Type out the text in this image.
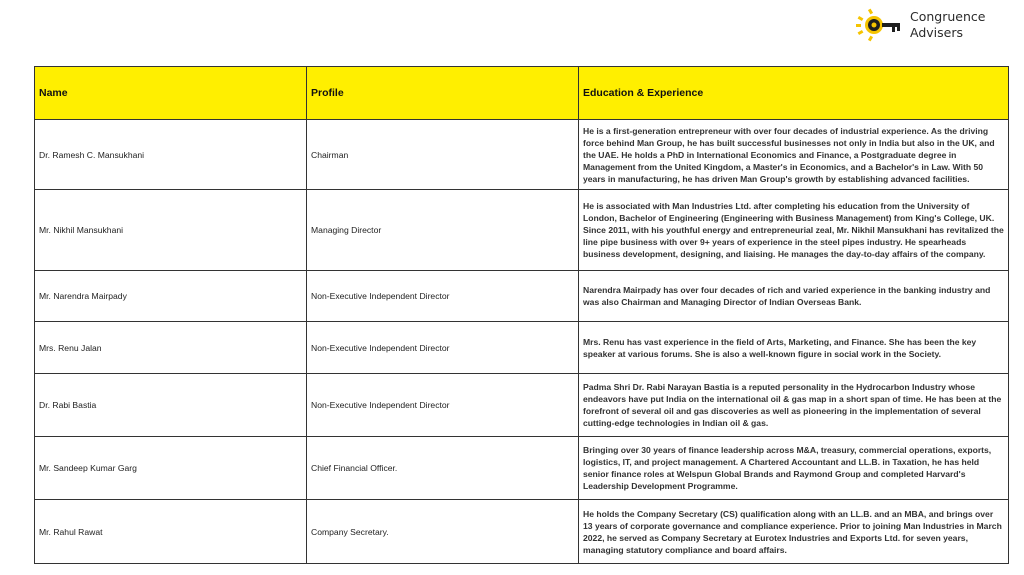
Congruence
Advisers
Name	Profile	Education & Experience
Dr. Ramesh C. Mansukhani	Chairman	He is a first-generation entrepreneur with over four decades of industrial experience. As the driving force behind Man Group, he has built successful businesses not only in India but also in the UK, and the UAE. He holds a PhD in International Economics and Finance, a Postgraduate degree in Management from the United Kingdom, a Master's in Economics, and a Bachelor's in Law. With 50 years in manufacturing, he has driven Man Group's growth by establishing advanced facilities.
Mr. Nikhil Mansukhani	Managing Director	He is associated with Man Industries Ltd. after completing his education from the University of London, Bachelor of Engineering (Engineering with Business Management) from King's College, UK. Since 2011, with his youthful energy and entrepreneurial zeal, Mr. Nikhil Mansukhani has revitalized the line pipe business with over 9+ years of experience in the steel pipes industry. He spearheads business development, designing, and liaising. He manages the day-to-day affairs of the company.
Mr. Narendra Mairpady	Non-Executive Independent Director	Narendra Mairpady has over four decades of rich and varied experience in the banking industry and was also Chairman and Managing Director of Indian Overseas Bank.
Mrs. Renu Jalan	Non-Executive Independent Director	Mrs. Renu has vast experience in the field of Arts, Marketing, and Finance. She has been the key speaker at various forums. She is also a well-known figure in social work in the Society.
Dr. Rabi Bastia	Non-Executive Independent Director	Padma Shri Dr. Rabi Narayan Bastia is a reputed personality in the Hydrocarbon Industry whose endeavors have put India on the international oil & gas map in a short span of time. He has been at the forefront of several oil and gas discoveries as well as pioneering in the implementation of several cutting-edge technologies in Indian oil & gas.
Mr. Sandeep Kumar Garg	Chief Financial Officer.	Bringing over 30 years of finance leadership across M&A, treasury, commercial operations, exports, logistics, IT, and project management. A Chartered Accountant and LL.B. in Taxation, he has held senior finance roles at Welspun Global Brands and Raymond Group and completed Harvard's Leadership Development Programme.
Mr. Rahul Rawat	Company Secretary.	He holds the Company Secretary (CS) qualification along with an LL.B. and an MBA, and brings over 13 years of corporate governance and compliance experience. Prior to joining Man Industries in March 2022, he served as Company Secretary at Eurotex Industries and Exports Ltd. for seven years, managing statutory compliance and board affairs.
